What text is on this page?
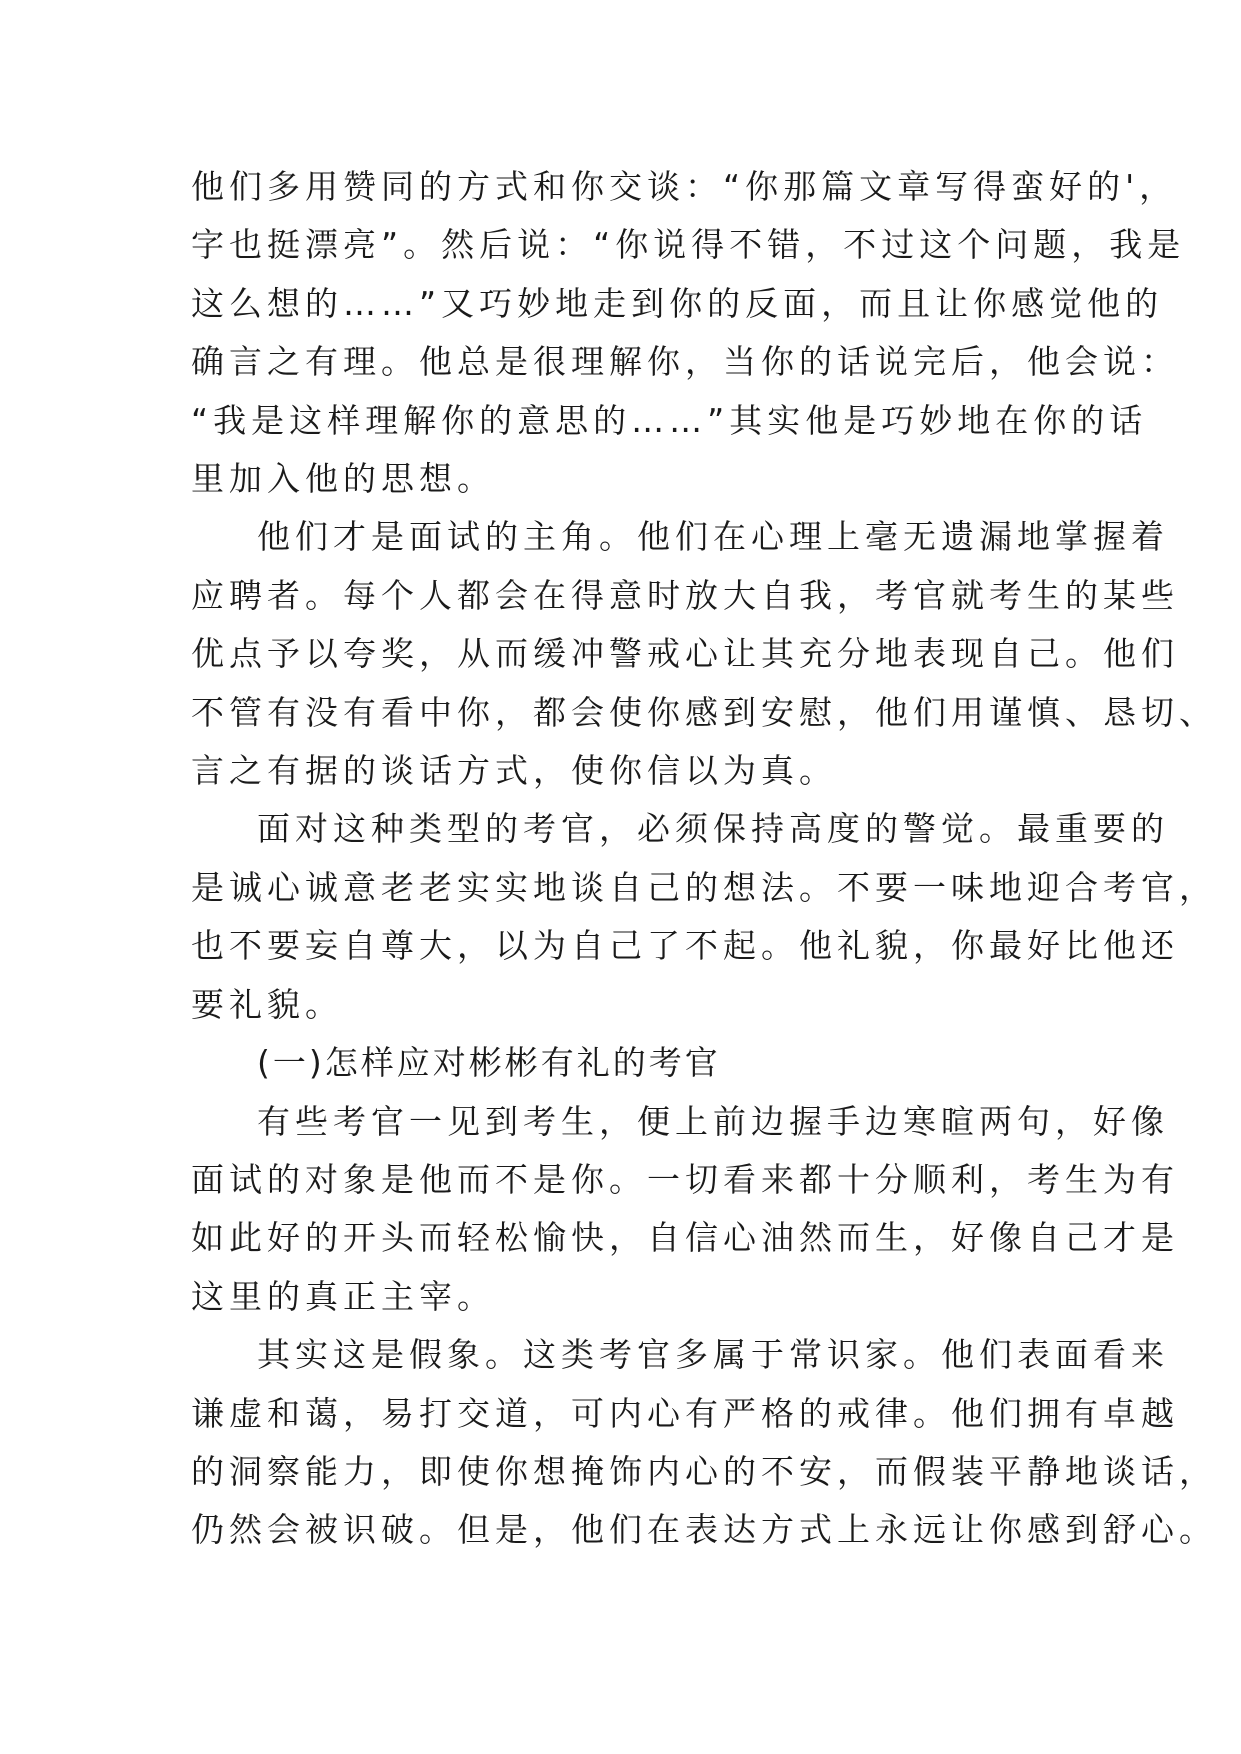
他们多用赞同的方式和你交谈：“你那篇文章写得蛮好的'，
字也挺漂亮”。然后说：“你说得不错，不过这个问题，我是
这么想的……”又巧妙地走到你的反面，而且让你感觉他的
确言之有理。他总是很理解你，当你的话说完后，他会说：
“我是这样理解你的意思的……”其实他是巧妙地在你的话
里加入他的思想。

他们才是面试的主角。他们在心理上毫无遗漏地掌握着
应聘者。每个人都会在得意时放大自我，考官就考生的某些
优点予以夸奖，从而缓冲警戒心让其充分地表现自己。他们
不管有没有看中你，都会使你感到安慰，他们用谨慎、恳切、
言之有据的谈话方式，使你信以为真。

面对这种类型的考官，必须保持高度的警觉。最重要的
是诚心诚意老老实实地谈自己的想法。不要一味地迎合考官，
也不要妄自尊大，以为自己了不起。他礼貌，你最好比他还
要礼貌。

(一)怎样应对彬彬有礼的考官

有些考官一见到考生，便上前边握手边寒暄两句，好像
面试的对象是他而不是你。一切看来都十分顺利，考生为有
如此好的开头而轻松愉快，自信心油然而生，好像自己才是
这里的真正主宰。

其实这是假象。这类考官多属于常识家。他们表面看来
谦虚和蔼，易打交道，可内心有严格的戒律。他们拥有卓越
的洞察能力，即使你想掩饰内心的不安，而假装平静地谈话，
仍然会被识破。但是，他们在表达方式上永远让你感到舒心。
